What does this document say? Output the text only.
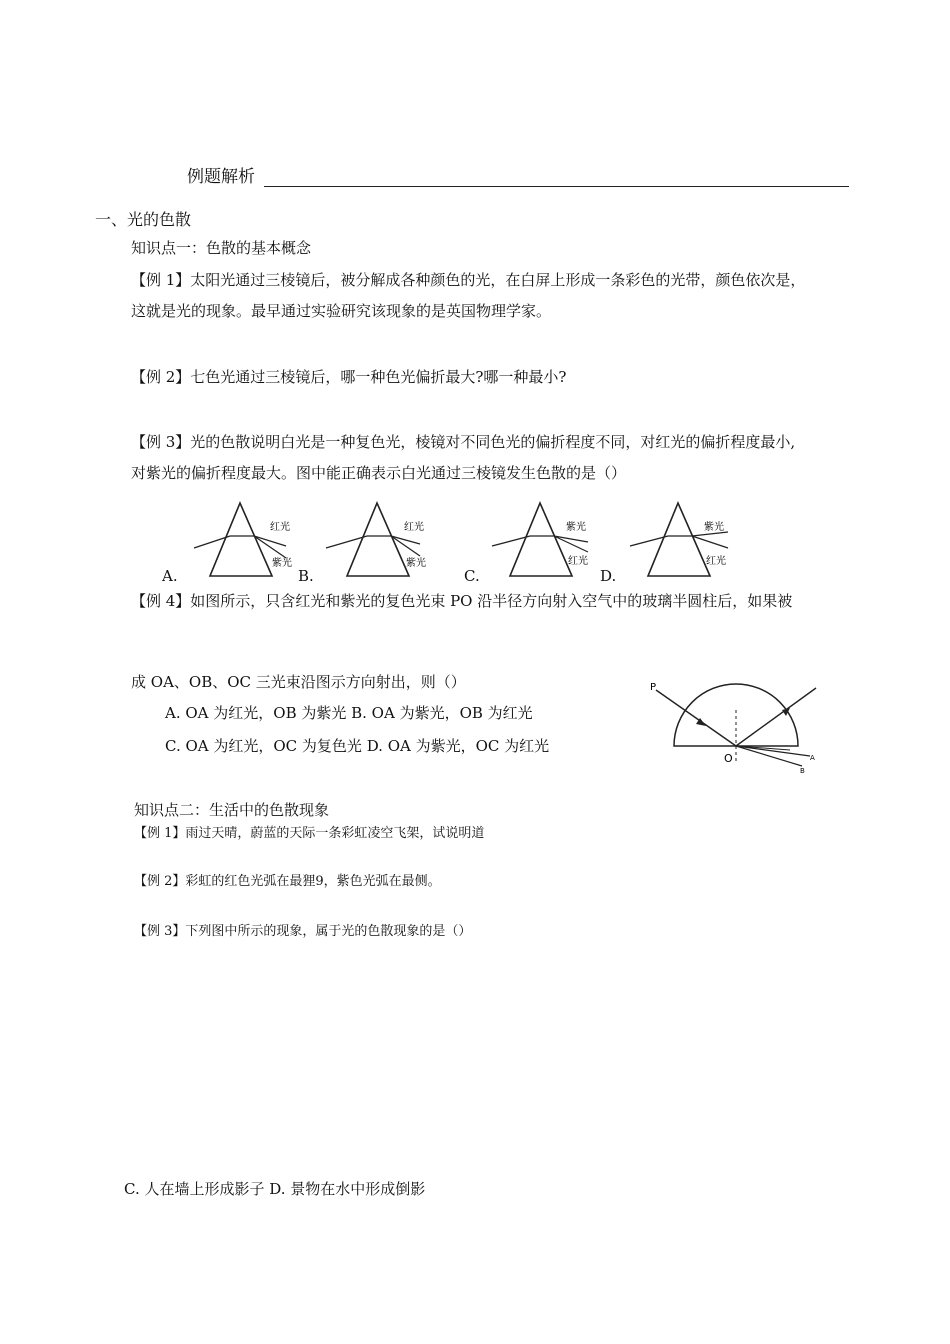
例题解析
一、光的色散
知识点一：色散的基本概念
【例 1】太阳光通过三棱镜后，被分解成各种颜色的光，在白屏上形成一条彩色的光带，颜色依次是，
这就是光的现象。最早通过实验研究该现象的是英国物理学家。
【例 2】七色光通过三棱镜后，哪一种色光偏折最大?哪一种最小?
【例 3】光的色散说明白光是一种复色光，棱镜对不同色光的偏折程度不同，对红光的偏折程度最小,
对紫光的偏折程度最大。图中能正确表示白光通过三棱镜发生色散的是（）
红光
紫光
红光
紫光
紫光
红光
紫光
红光
A.	B.	C.	D.
【例 4】如图所示，只含红光和紫光的复色光束 PO 沿半径方向射入空气中的玻璃半圆柱后，如果被
成 OA、OB、OC 三光束沿图示方向射出，则（）
A. OA 为红光，OB 为紫光 B. OA 为紫光，OB 为红光
C. OA 为红光，OC 为复色光 D. OA 为紫光，OC 为红光
P
O	A
B
知识点二：生活中的色散现象
【例 1】雨过天晴，蔚蓝的天际一条彩虹凌空飞架，试说明道
【例 2】彩虹的红色光弧在最狸9，紫色光弧在最侧。
【例 3】下列图中所示的现象，属于光的色散现象的是（）
C. 人在墙上形成影子 D. 景物在水中形成倒影
